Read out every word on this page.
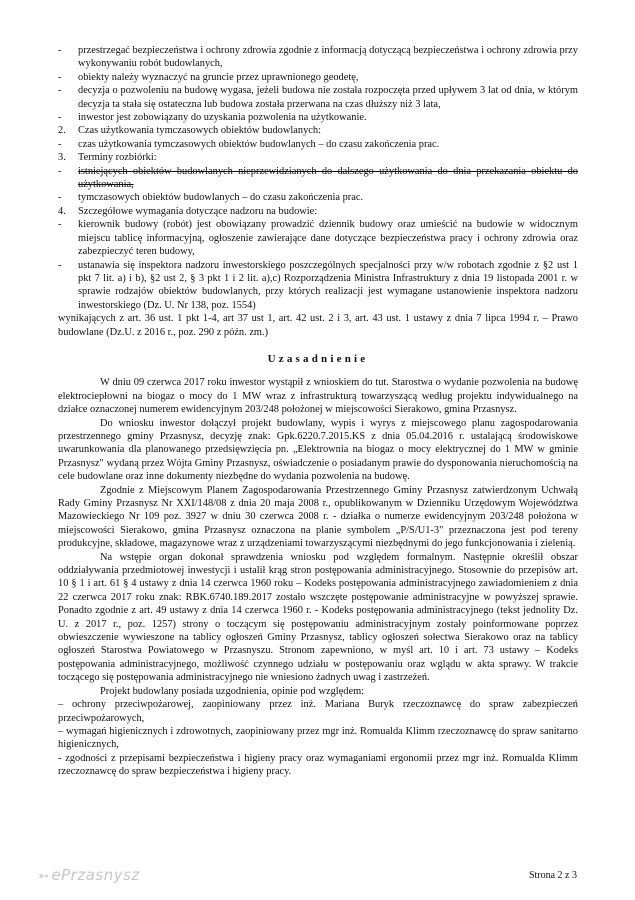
-	przestrzegać bezpieczeństwa i ochrony zdrowia zgodnie z informacją dotyczącą bezpieczeństwa i ochrony zdrowia przy wykonywaniu robót budowlanych,
-	obiekty należy wyznaczyć na gruncie przez uprawnionego geodetę,
-	decyzja o pozwoleniu na budowę wygasa, jeżeli budowa nie została rozpoczęta przed upływem 3 lat od dnia, w którym decyzja ta stała się ostateczna lub budowa została przerwana na czas dłuższy niż 3 lata,
-	inwestor jest zobowiązany do uzyskania pozwolenia na użytkowanie.
2.	Czas użytkowania tymczasowych obiektów budowlanych:
-	czas użytkowania tymczasowych obiektów budowlanych – do czasu zakończenia prac.
3.	Terminy rozbiórki:
-	istniejących obiektów budowlanych nieprzewidzianych do dalszego użytkowania do dnia przekazania obiektu do użytkowania,
-	tymczasowych obiektów budowlanych – do czasu zakończenia prac.
4.	Szczegółowe wymagania dotyczące nadzoru na budowie:
-	kierownik budowy (robót) jest obowiązany prowadzić dziennik budowy oraz umieścić na budowie w widocznym miejscu tablicę informacyjną, ogłoszenie zawierające dane dotyczące bezpieczeństwa pracy i ochrony zdrowia oraz zabezpieczyć teren budowy,
-	ustanawia się inspektora nadzoru inwestorskiego poszczególnych specjalności przy w/w robotach zgodnie z §2 ust 1 pkt 7 lit. a) i b), §2 ust 2, § 3 pkt 1 i 2 lit. a),c) Rozporządzenia Ministra Infrastruktury z dnia 19 listopada 2001 r. w sprawie rodzajów obiektów budowlanych, przy których realizacji jest wymagane ustanowienie inspektora nadzoru inwestorskiego (Dz. U. Nr 138, poz. 1554)

wynikających z art. 36 ust. 1 pkt 1-4, art 37 ust 1, art. 42 ust. 2 i 3, art. 43 ust. 1 ustawy z dnia 7 lipca 1994 r. – Prawo budowlane (Dz.U. z 2016 r., poz. 290 z późn. zm.)

Uzasadnienie

W dniu 09 czerwca 2017 roku inwestor wystąpił z wnioskiem do tut. Starostwa o wydanie pozwolenia na budowę elektrociepłowni na biogaz o mocy do 1 MW wraz z infrastrukturą towarzyszącą według projektu indywidualnego na działce oznaczonej numerem ewidencyjnym 203/248 położonej w miejscowości Sierakowo, gmina Przasnysz.

Do wniosku inwestor dołączył projekt budowlany, wypis i wyrys z miejscowego planu zagospodarowania przestrzennego gminy Przasnysz, decyzję znak: Gpk.6220.7.2015.KS z dnia 05.04.2016 r. ustalającą środowiskowe uwarunkowania dla planowanego przedsięwzięcia pn. „Elektrownia na biogaz o mocy elektrycznej do 1 MW w gminie Przasnysz" wydaną przez Wójta Gminy Przasnysz, oświadczenie o posiadanym prawie do dysponowania nieruchomością na cele budowlane oraz inne dokumenty niezbędne do wydania pozwolenia na budowę.

Zgodnie z Miejscowym Planem Zagospodarowania Przestrzennego Gminy Przasnysz zatwierdzonym Uchwałą Rady Gminy Przasnysz Nr XXI/148/08 z dnia 20 maja 2008 r., opublikowanym w Dzienniku Urzędowym Województwa Mazowieckiego Nr 109 poz. 3927 w dniu 30 czerwca 2008 r. - działka o numerze ewidencyjnym 203/248 położona w miejscowości Sierakowo, gmina Przasnysz oznaczona na planie symbolem „P/S/U1-3" przeznaczona jest pod tereny produkcyjne, składowe, magazynowe wraz z urządzeniami towarzyszącymi niezbędnymi do jego funkcjonowania i zielenią.

Na wstępie organ dokonał sprawdzenia wniosku pod względem formalnym. Następnie określił obszar oddziaływania przedmiotowej inwestycji i ustalił krąg stron postępowania administracyjnego. Stosownie do przepisów art. 10 § 1 i art. 61 § 4 ustawy z dnia 14 czerwca 1960 roku – Kodeks postępowania administracyjnego zawiadomieniem z dnia 22 czerwca 2017 roku znak: RBK.6740.189.2017 zostało wszczęte postępowanie administracyjne w powyższej sprawie. Ponadto zgodnie z art. 49 ustawy z dnia 14 czerwca 1960 r. - Kodeks postępowania administracyjnego (tekst jednolity Dz. U. z 2017 r., poz. 1257) strony o toczącym się postępowaniu administracyjnym zostały poinformowane poprzez obwieszczenie wywieszone na tablicy ogłoszeń Gminy Przasnysz, tablicy ogłoszeń sołectwa Sierakowo oraz na tablicy ogłoszeń Starostwa Powiatowego w Przasnyszu. Stronom zapewniono, w myśl art. 10 i art. 73 ustawy – Kodeks postępowania administracyjnego, możliwość czynnego udziału w postępowaniu oraz wglądu w akta sprawy. W trakcie toczącego się postępowania administracyjnego nie wniesiono żadnych uwag i zastrzeżeń.

Projekt budowlany posiada uzgodnienia, opinie pod względem:

– ochrony przeciwpożarowej, zaopiniowany przez inż. Mariana Buryk rzeczoznawcę do spraw zabezpieczeń przeciwpożarowych,

– wymagań higienicznych i zdrowotnych, zaopiniowany przez mgr inż. Romualda Klimm rzeczoznawcę do spraw sanitarno higienicznych,

- zgodności z przepisami bezpieczeństwa i higieny pracy oraz wymaganiami ergonomii przez mgr inż. Romualda Klimm rzeczoznawcę do spraw bezpieczeństwa i higieny pracy.

➳ ePrzasnysz	Strona 2 z 3
